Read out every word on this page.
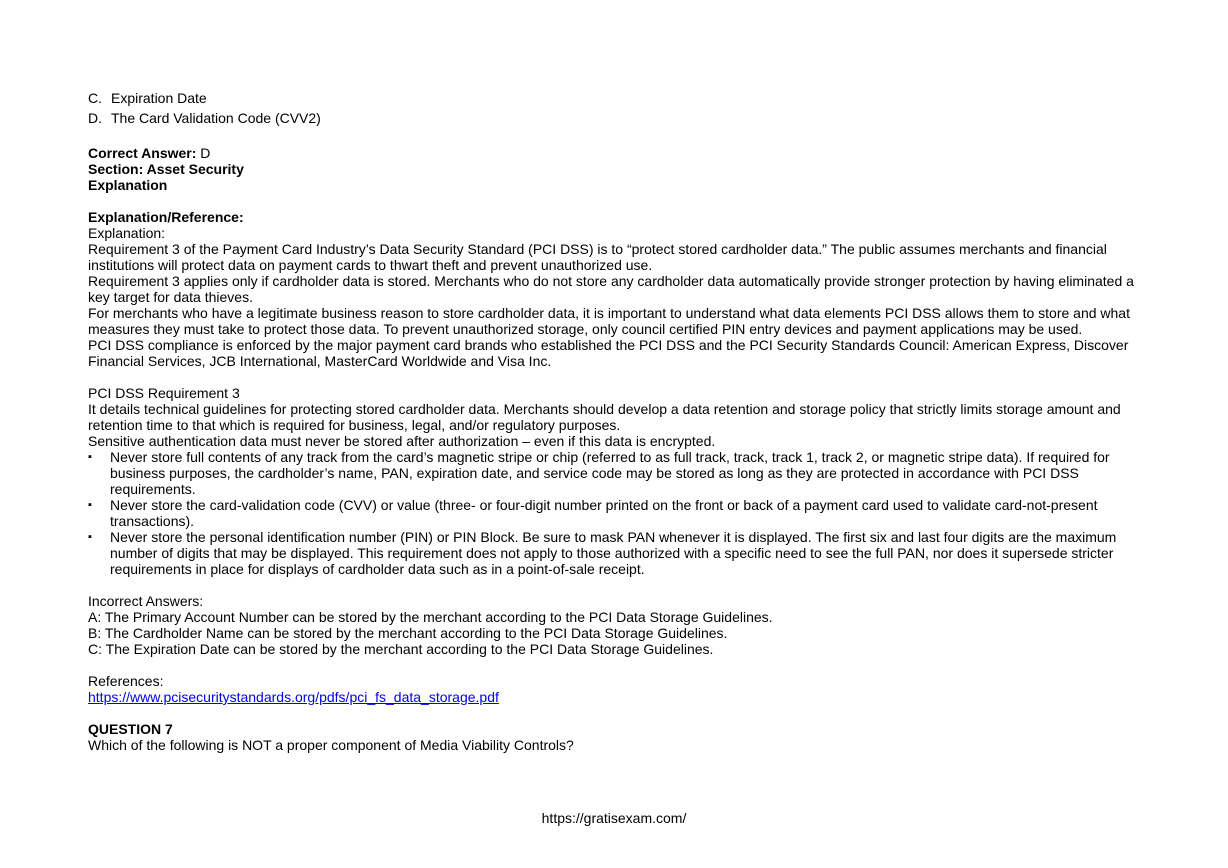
C. Expiration Date
D. The Card Validation Code (CVV2)

Correct Answer: D

Section: Asset Security

Explanation

Explanation/Reference:

Explanation:

Requirement 3 of the Payment Card Industry’s Data Security Standard (PCI DSS) is to “protect stored cardholder data.” The public assumes merchants and financial institutions will protect data on payment cards to thwart theft and prevent unauthorized use.

Requirement 3 applies only if cardholder data is stored. Merchants who do not store any cardholder data automatically provide stronger protection by having eliminated a key target for data thieves.

For merchants who have a legitimate business reason to store cardholder data, it is important to understand what data elements PCI DSS allows them to store and what measures they must take to protect those data. To prevent unauthorized storage, only council certified PIN entry devices and payment applications may be used.

PCI DSS compliance is enforced by the major payment card brands who established the PCI DSS and the PCI Security Standards Council: American Express, Discover Financial Services, JCB International, MasterCard Worldwide and Visa Inc.

PCI DSS Requirement 3

It details technical guidelines for protecting stored cardholder data. Merchants should develop a data retention and storage policy that strictly limits storage amount and retention time to that which is required for business, legal, and/or regulatory purposes.

Sensitive authentication data must never be stored after authorization – even if this data is encrypted.

▪	Never store full contents of any track from the card’s magnetic stripe or chip (referred to as full track, track, track 1, track 2, or magnetic stripe data). If required for business purposes, the cardholder’s name, PAN, expiration date, and service code may be stored as long as they are protected in accordance with PCI DSS requirements.
▪	Never store the card-validation code (CVV) or value (three- or four-digit number printed on the front or back of a payment card used to validate card-not-present transactions).
▪	Never store the personal identification number (PIN) or PIN Block. Be sure to mask PAN whenever it is displayed. The first six and last four digits are the maximum number of digits that may be displayed. This requirement does not apply to those authorized with a specific need to see the full PAN, nor does it supersede stricter requirements in place for displays of cardholder data such as in a point-of-sale receipt.

Incorrect Answers:

A: The Primary Account Number can be stored by the merchant according to the PCI Data Storage Guidelines.

B: The Cardholder Name can be stored by the merchant according to the PCI Data Storage Guidelines.

C: The Expiration Date can be stored by the merchant according to the PCI Data Storage Guidelines.

References:

https://www.pcisecuritystandards.org/pdfs/pci_fs_data_storage.pdf

QUESTION 7

Which of the following is NOT a proper component of Media Viability Controls?

https://gratisexam.com/
